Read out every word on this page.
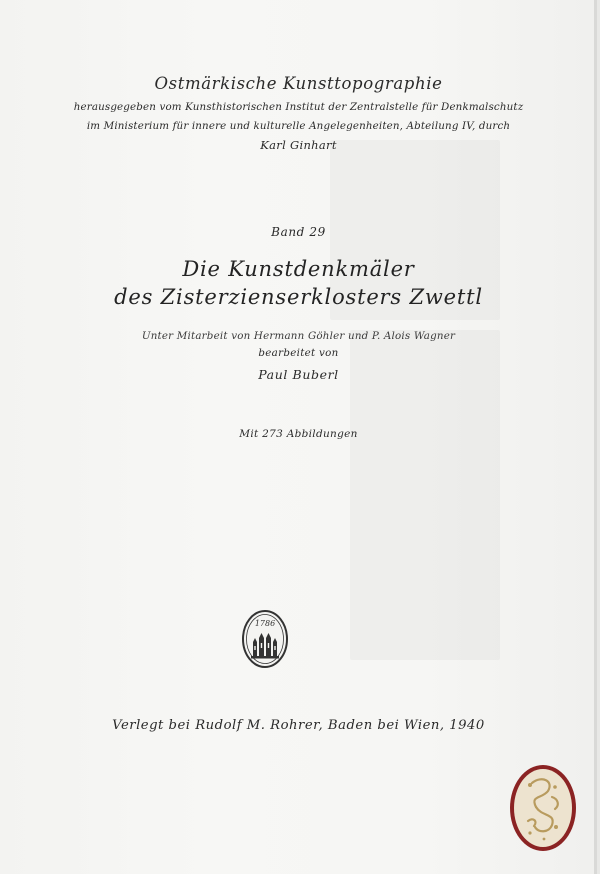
Ostmärkische Kunsttopographie
herausgegeben vom Kunsthistorischen Institut der Zentralstelle für Denkmalschutz
im Ministerium für innere und kulturelle Angelegenheiten, Abteilung IV, durch
Karl Ginhart
Band 29
Die Kunstdenkmäler
des Zisterzienserklosters Zwettl
Unter Mitarbeit von Hermann Göhler und P. Alois Wagner
bearbeitet von
Paul Buberl
Mit 273 Abbildungen
1786
Verlegt bei Rudolf M. Rohrer, Baden bei Wien, 1940
